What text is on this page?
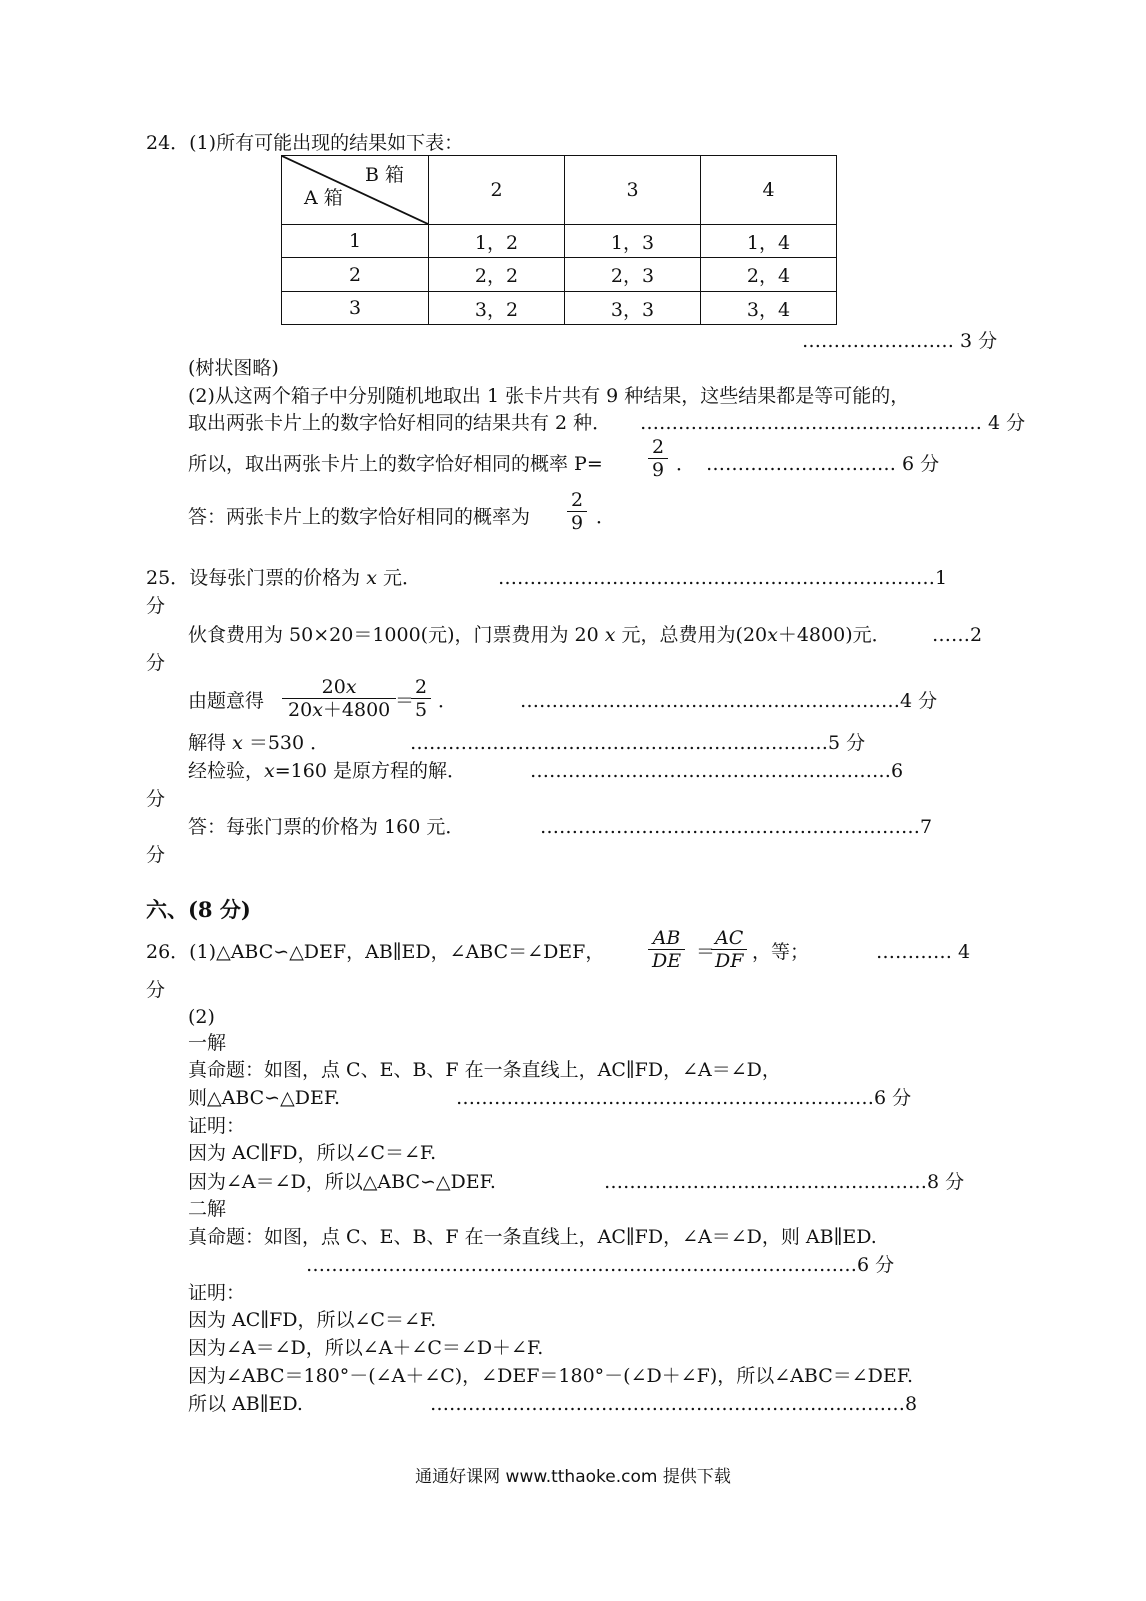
24．(1)所有可能出现的结果如下表：
B 箱
A 箱	2	3	4
1	1，2	1，3	1，4
2	2，2	2，3	2，4
3	3，2	3，3	3，4
…………………… 3 分
(树状图略)
(2)从这两个箱子中分别随机地取出 1 张卡片共有 9 种结果，这些结果都是等可能的，
取出两张卡片上的数字恰好相同的结果共有 2 种． ……………………………………………… 4 分
所以，取出两张卡片上的数字恰好相同的概率 $P= \frac{2}{9}$ ． ………………………… 6 分
答：两张卡片上的数字恰好相同的概率为 $\frac{2}{9}$ ．
25．设每张门票的价格为 x 元．	……………………………………………………………1
分
伙食费用为 50×20＝1000(元)，门票费用为 20 x 元，总费用为(20x＋4800)元． ……2
分
由题意得 $\frac{20x}{20x+4800}$
＝
$\frac{2}{5}$ ．	……………………………………………………4 分
解得 x ＝530 ．	…………………………………………………………5 分
经检验，x=160 是原方程的解．	…………………………………………………6
分
答：每张门票的价格为 160 元．	……………………………………………………7
分
六、(8 分)
26．(1)△ABC∽△DEF，AB∥ED，∠ABC＝∠DEF， $\frac{AB}{DE}$ ＝
$\frac{AC}{DF}$ ，等；	………… 4
分
(2)
一解
真命题：如图，点 C、E、B、F 在一条直线上，AC∥FD，∠A＝∠D，
则△ABC∽△DEF.	…………………………………………………………6 分
证明：
因为 AC∥FD，所以∠C＝∠F.
因为∠A＝∠D，所以△ABC∽△DEF.	……………………………………………8 分
二解
真命题：如图，点 C、E、B、F 在一条直线上，AC∥FD，∠A＝∠D，则 AB∥ED.
……………………………………………………………………………6 分
证明：
因为 AC∥FD，所以∠C＝∠F.
因为∠A＝∠D，所以∠A＋∠C＝∠D＋∠F.
因为∠ABC＝180°－(∠A＋∠C)，∠DEF＝180°－(∠D＋∠F)，所以∠ABC＝∠DEF.
所以 AB∥ED.	…………………………………………………………………8
通通好课网 www.tthaoke.com 提供下载
